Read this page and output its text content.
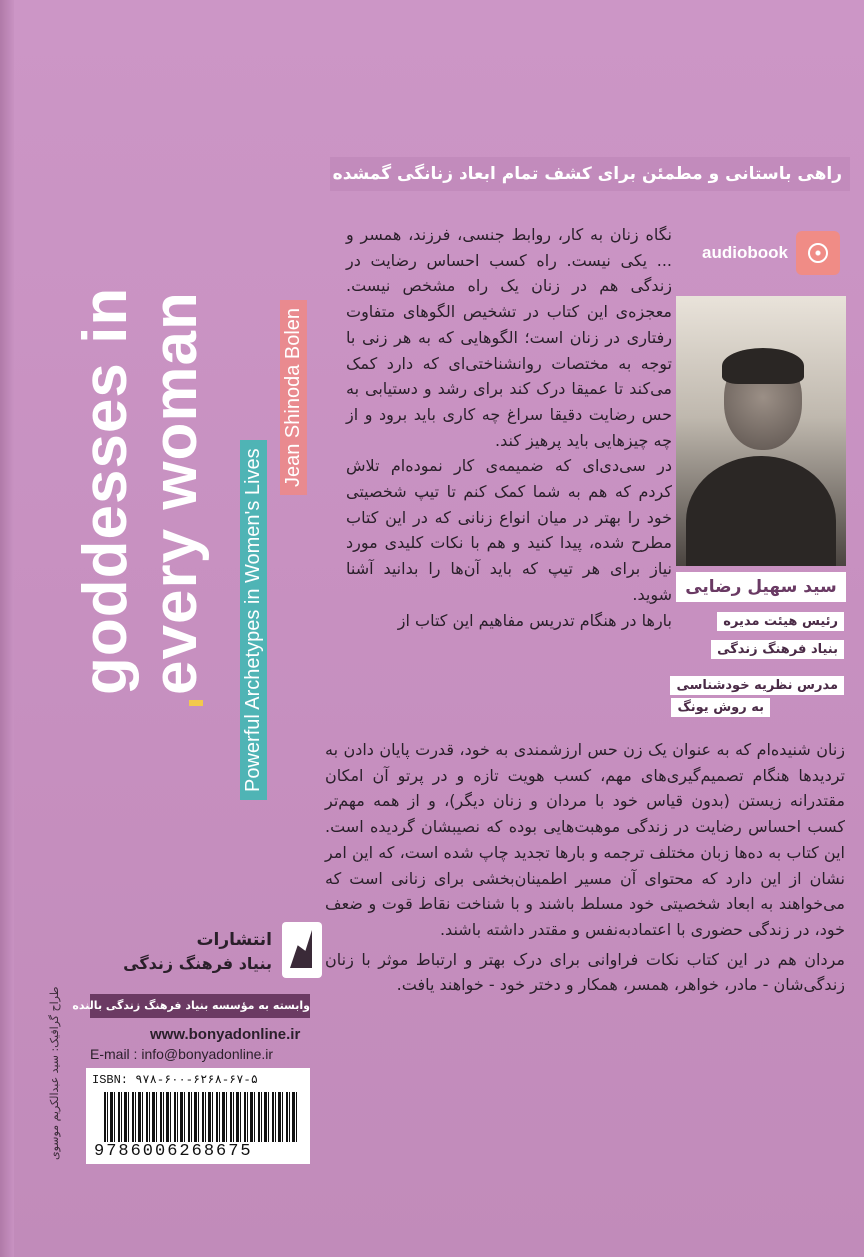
goddesses in every woman Powerful Archetypes in Women's Lives
Jean Shinoda Bolen
راهی باستانی و مطمئن برای کشف تمام ابعاد زنانگی گمشده
audiobook
سید سهیل رضایی
رئیس هیئت مدیره
بنیاد فرهنگ زندگی
مدرس نظریه خودشناسی
به روش یونگ

نگاه زنان به کار، روابط جنسی، فرزند، همسر و ... یکی نیست. راه کسب احساس رضایت در زندگی هم در زنان یک راه مشخص نیست. معجزه‌ی این کتاب در تشخیص الگوهای متفاوت رفتاری در زنان است؛ الگوهایی که به هر زنی با توجه به مختصات روانشناختی‌ای که دارد کمک می‌کند تا عمیقا درک کند برای رشد و دستیابی به حس رضایت دقیقا سراغ چه کاری باید برود و از چه چیزهایی باید پرهیز کند.

در سی‌دی‌ای که ضمیمه‌ی کار نموده‌ام تلاش کردم که هم به شما کمک کنم تا تیپ شخصیتی خود را بهتر در میان انواع زنانی که در این کتاب مطرح شده، پیدا کنید و هم با نکات کلیدی مورد نیاز برای هر تیپ که باید آن‌ها را بدانید آشنا شوید.

بارها در هنگام تدریس مفاهیم این کتاب از

زنان شنیده‌ام که به عنوان یک زن حس ارزشمندی به خود، قدرت پایان دادن به تردیدها هنگام تصمیم‌گیری‌های مهم، کسب هویت تازه و در پرتو آن امکان مقتدرانه زیستن (بدون قیاس خود با مردان و زنان دیگر)، و از همه مهم‌تر کسب احساس رضایت در زندگی موهبت‌هایی بوده که نصیبشان گردیده است. این کتاب به ده‌ها زبان مختلف ترجمه و بارها تجدید چاپ شده است، که این امر نشان از این دارد که محتوای آن مسیر اطمینان‌بخشی برای زنانی است که می‌خواهند به ابعاد شخصیتی خود مسلط باشند و با شناخت نقاط قوت و ضعف خود، در زندگی حضوری با اعتمادبه‌نفس و مقتدر داشته باشند.

مردان هم در این کتاب نکات فراوانی برای درک بهتر و ارتباط موثر با زنان زندگی‌شان - مادر، خواهر، همسر، همکار و دختر خود - خواهند یافت.

انتشارات
بنیاد فرهنگ زندگی
وابسته به مؤسسه بنیاد فرهنگ زندگی بالنده
www.bonyadonline.ir
E-mail : info@bonyadonline.ir
ISBN: ۹۷۸-۶۰۰-۶۲۶۸-۶۷-۵
9786006268675
طراح گرافیک: سید عبدالکریم موسوی
